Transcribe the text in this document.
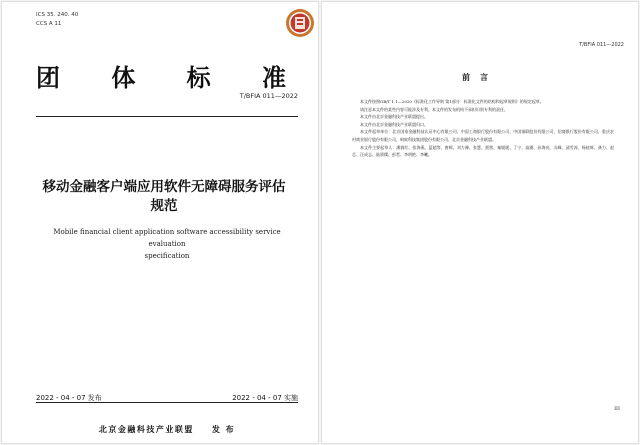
ICS 35. 240. 40
CCS A 11
团 体 标 准
T/BFIA 011—2022
移动金融客户端应用软件无障碍服务评估
规范
Mobile financial client application software accessibility service evaluation
specification
2022 - 04 - 07 发布	2022 - 04 - 07 实施
北京金融科技产业联盟 发 布
T/BFIA 011—2022
前言

本文件按照GB/T 1.1—2020《标准化工作导则 第1部分：标准化文件的结构和起草规则》的规定起草。

请注意本文件的某些内容可能涉及专利。本文件的发布机构不承担识别专利的责任。

本文件由北京金融科技产业联盟提出。

本文件由北京金融科技产业联盟归口。

本文件起草单位：北京国家金融科技认证中心有限公司、中国工商银行股份有限公司、中国银联股份有限公司、招商银行股份有限公司、重庆农村商业银行股份有限公司、蚂蚁科技集团股份有限公司、北京金融科技产业联盟。

本文件主要起草人：潘润红、张海燕、蓝超等、唐辉、刘力豫、张慧、贾茜、秦媛媛、丁宁、高涵、孙海亮、冯峰、邱雪涛、杨桂辉、龚力、赵芯、汪成志、陆骄儒、彭哲、李明艳、李曦。

III
